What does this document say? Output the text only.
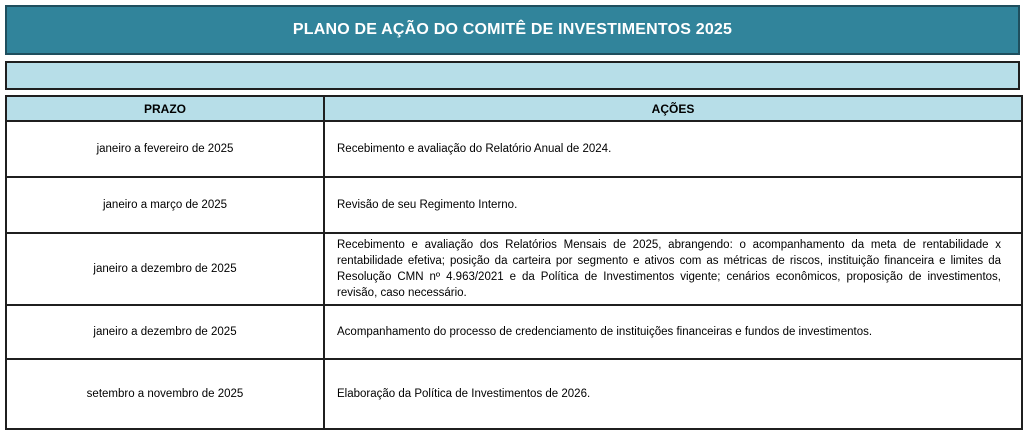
PLANO DE AÇÃO DO COMITÊ DE INVESTIMENTOS 2025
PRAZO	AÇÕES
janeiro a fevereiro de 2025	Recebimento e avaliação do Relatório Anual de 2024.
janeiro a março de 2025	Revisão de seu Regimento Interno.
janeiro a dezembro de 2025	Recebimento e avaliação dos Relatórios Mensais de 2025, abrangendo: o acompanhamento da meta de rentabilidade x rentabilidade efetiva; posição da carteira por segmento e ativos com as métricas de riscos, instituição financeira e limites da Resolução CMN nº 4.963/2021 e da Política de Investimentos vigente; cenários econômicos, proposição de investimentos, revisão, caso necessário.
janeiro a dezembro de 2025	Acompanhamento do processo de credenciamento de instituições financeiras e fundos de investimentos.
setembro a novembro de 2025	Elaboração da Política de Investimentos de 2026.
